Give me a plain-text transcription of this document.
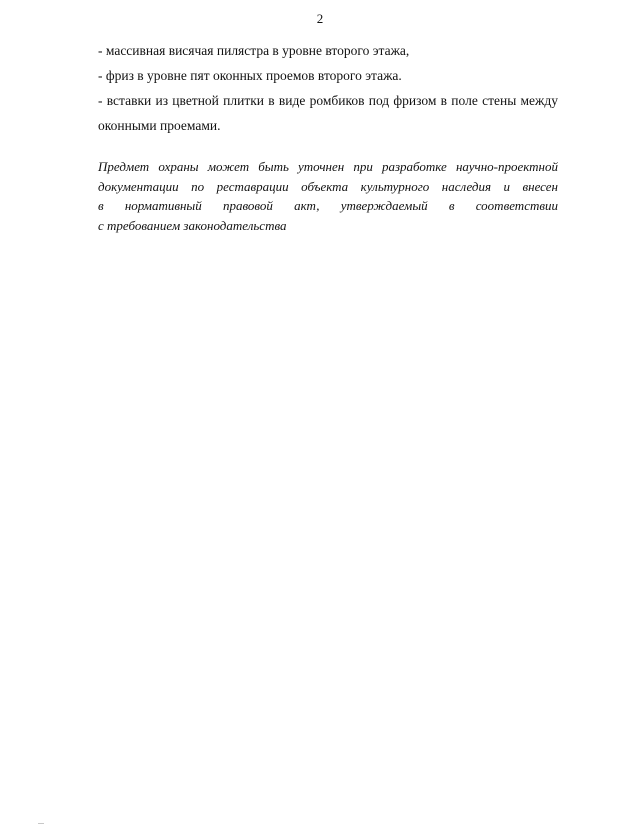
2

- массивная висячая пилястра в уровне второго этажа,

- фриз в уровне пят оконных проемов второго этажа.

- вставки из цветной плитки в виде ромбиков под фризом в поле стены между оконными проемами.

Предмет охраны может быть уточнен при разработке научно-проектной
документации по реставрации объекта культурного наследия и внесен
в нормативный правовой акт, утверждаемый в соответствии
с требованием законодательства
